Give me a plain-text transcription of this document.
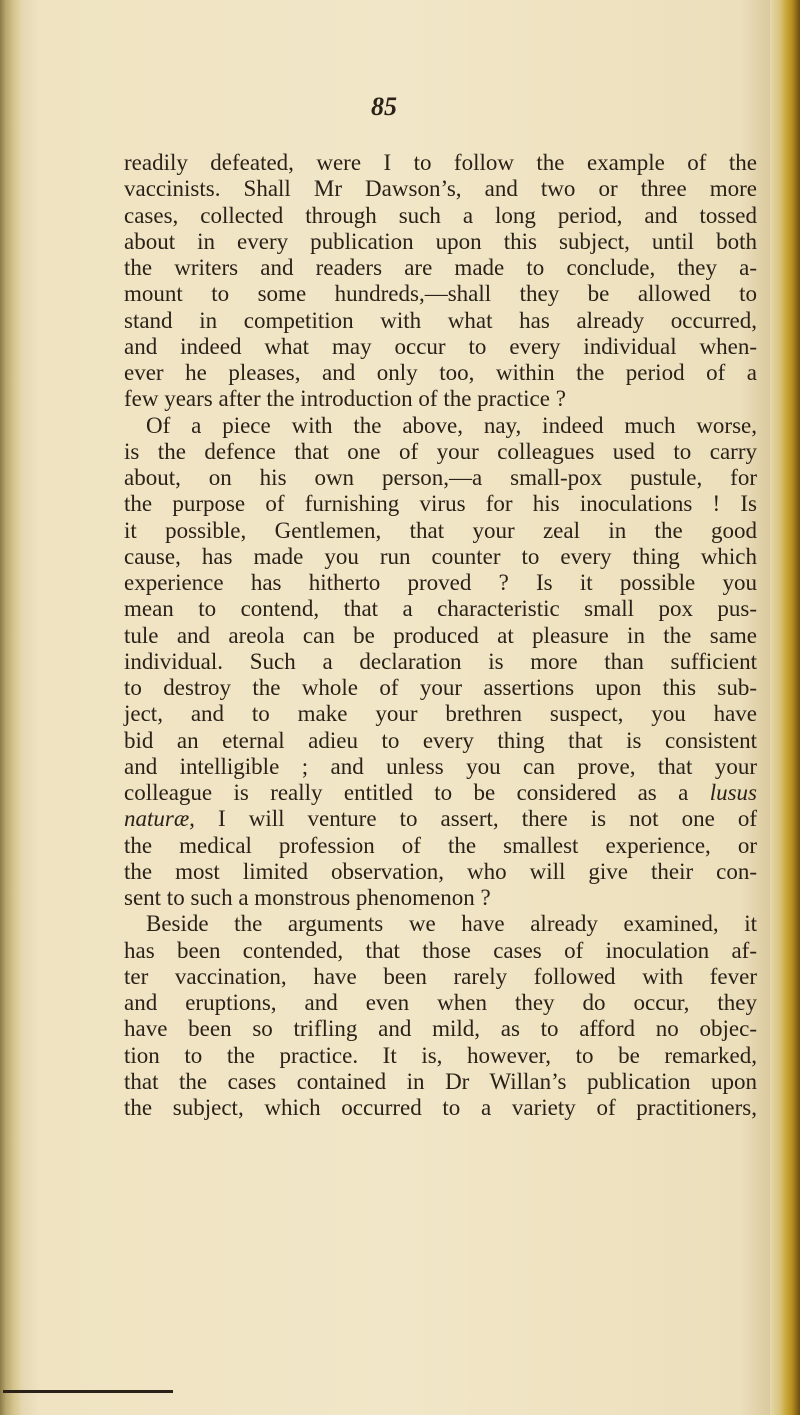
85
readily defeated, were I to follow the example of the
vaccinists. Shall Mr Dawson’s, and two or three more
cases, collected through such a long period, and tossed
about in every publication upon this subject, until both
the writers and readers are made to conclude, they a-
mount to some hundreds,—shall they be allowed to
stand in competition with what has already occurred,
and indeed what may occur to every individual when-
ever he pleases, and only too, within the period of a
few years after the introduction of the practice ?
Of a piece with the above, nay, indeed much worse,
is the defence that one of your colleagues used to carry
about, on his own person,—a small-pox pustule, for
the purpose of furnishing virus for his inoculations ! Is
it possible, Gentlemen, that your zeal in the good
cause, has made you run counter to every thing which
experience has hitherto proved ? Is it possible you
mean to contend, that a characteristic small pox pus-
tule and areola can be produced at pleasure in the same
individual. Such a declaration is more than sufficient
to destroy the whole of your assertions upon this sub-
ject, and to make your brethren suspect, you have
bid an eternal adieu to every thing that is consistent
and intelligible ; and unless you can prove, that your
colleague is really entitled to be considered as a lusus
naturæ, I will venture to assert, there is not one of
the medical profession of the smallest experience, or
the most limited observation, who will give their con-
sent to such a monstrous phenomenon ?
Beside the arguments we have already examined, it
has been contended, that those cases of inoculation af-
ter vaccination, have been rarely followed with fever
and eruptions, and even when they do occur, they
have been so trifling and mild, as to afford no objec-
tion to the practice. It is, however, to be remarked,
that the cases contained in Dr Willan’s publication upon
the subject, which occurred to a variety of practitioners,
